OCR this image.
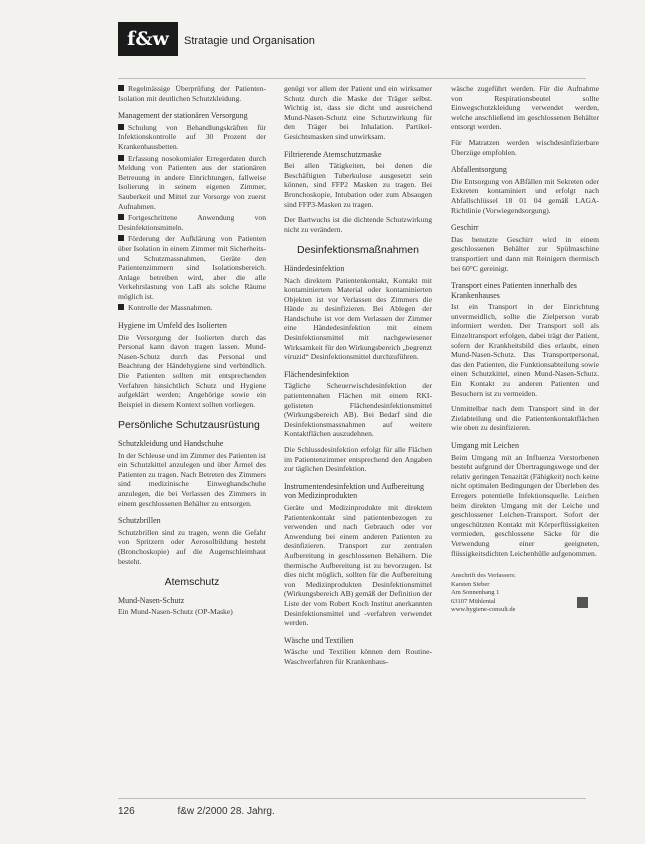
f&w	Stratagie und Organisation
Regelmässige Überprüfung der Patienten-Isolation mit deutlichen Schutzkleidung.
Management der stationären Versorgung
Schulung von Behandlungskräften für Infektionskontrolle auf 30 Prozent der Krankenhausbetten.
Erfassung nosokomialer Erregerdaten durch Meldung von Patienten aus der stationären Betreuung in andere Einrichtungen, fallweise Isolierung in seinem eigenen Zimmer, Sauberkeit und Mittel zur Vorsorge von zuerst Aufnahmen.
Fortgeschrittene Anwendung von Desinfektionsmitteln.
Förderung der Aufklärung von Patienten über Isolation in einem Zimmer mit Sicherheits- und Schutzmassnahmen, Geräte den Patientenzimmern sind Isolationsbereich. Anlage betreiben wird, aber die alle Verkehrslastung von LaB als solche Räume möglich ist.
Kontrolle der Massnahmen.
Hygiene im Umfeld des Isolierten

Die Versorgung der Isolierten durch das Personal kann davon tragen lassen. Mund-Nasen-Schutz durch das Personal und Beachtung der Händehygiene sind verbindlich. Die Patienten sollten mit entsprechenden Verfahren hinsichtlich Schutz und Hygiene aufgeklärt werden; Angehörige sowie ein Beispiel in diesem Kontext sollten vorliegen.

Persönliche Schutzausrüstung
Schutzkleidung und Handschuhe

In der Schleuse und im Zimmer des Patienten ist ein Schutzkittel anzulegen und über Ärmel des Patienten zu tragen. Nach Betreten des Zimmers sind medizinische Einweghandschuhe anzulegen, die bei Verlassen des Zimmers in einem geschlossenen Behälter zu entsorgen.

Schutzbrillen

Schutzbrillen sind zu tragen, wenn die Gefahr von Spritzern oder Aerosolbildung besteht (Bronchoskopie) auf die Augenschleimhaut besteht.

Atemschutz
Mund-Nasen-Schutz

Ein Mund-Nasen-Schutz (OP-Maske)

genügt vor allem der Patient und ein wirksamer Schutz durch die Maske der Träger selbst. Wichtig ist, dass sie dicht und ausreichend Mund-Nasen-Schutz eine Schutzwirkung für den Träger bei Inhalation. Partikel-Gesichtsmasken sind unwirksam.

Filtrierende Atemschutzmaske

Bei allen Tätigkeiten, bei denen die Beschäftigten Tuberkulose ausgesetzt sein können, sind FFP2 Masken zu tragen. Bei Bronchoskopie, Intubation oder zum Absaugen sind FFP3-Masken zu tragen.

Der Bartwuchs ist die dichtende Schutzwirkung nicht zu verändern.

Desinfektionsmaßnahmen
Händedesinfektion

Nach direktem Patientenkontakt, Kontakt mit kontaminiertem Material oder kontaminierten Objekten ist vor Verlassen des Zimmers die Hände zu desinfizieren. Bei Ablegen der Handschuhe ist vor dem Verlassen der Zimmer eine Händedesinfektion mit einem Desinfektionsmittel mit nachgewiesener Wirksamkeit für den Wirkungsbereich „begrenzt viruzid“ Desinfektionsmittel durchzuführen.

Flächendesinfektion

Tägliche Scheuerwischdesinfektion der patientennahen Flächen mit einem RKI-gelisteten Flächendesinfektionsmittel (Wirkungsbereich AB). Bei Bedarf sind die Desinfektionsmassnahmen auf weitere Kontaktflächen auszudehnen.

Die Schlussdesinfektion erfolgt für alle Flächen im Patientenzimmer entsprechend den Angaben zur täglichen Desinfektion.

Instrumentendesinfektion und Aufbereitung von Medizinprodukten

Geräte und Medizinprodukte mit direktem Patientenkontakt sind patientenbezogen zu verwenden und nach Gebrauch oder vor Anwendung bei einem anderen Patienten zu desinfizieren. Transport zur zentralen Aufbereitung in geschlossenen Behältern. Die thermische Aufbereitung ist zu bevorzugen. Ist dies nicht möglich, sollten für die Aufbereitung von Medizinprodukten Desinfektionsmittel (Wirkungsbereich AB) gemäß der Definition der Liste der vom Robert Koch Institut anerkannten Desinfektionsmittel und -verfahren verwendet werden.

Wäsche und Textilien

Wäsche und Textilien können dem Routine-Waschverfahren für Krankenhaus-

wäsche zugeführt werden. Für die Aufnahme von Respirationsbeutel sollte Einwegschutzkleidung verwendet werden, welche anschließend im geschlossenen Behälter entsorgt werden.

Für Matratzen werden wischdesinfizierbare Überzüge empfohlen.

Abfallentsorgung

Die Entsorgung von ABfällen mit Sekreten oder Exkreten kontaminiert und erfolgt nach Abfallschlüssel 18 01 04 gemäß LAGA-Richtlinie (Vorwiegendsorgung).

Geschirr

Das benutzte Geschirr wird in einem geschlossenen Behälter zur Spülmaschine transportiert und dann mit Reinigern thermisch bei 60°C gereinigt.

Transport eines Patienten innerhalb des Krankenhauses

Ist ein Transport in der Einrichtung unvermeidlich, sollte die Zielperson vorab informiert werden. Der Transport soll als Einzeltransport erfolgen, dabei trägt der Patient, sofern der Krankheitsbild dies erlaubt, einen Mund-Nasen-Schutz. Das Transportpersonal, das den Patienten, die Funktionsabteilung sowie einen Schutzkittel, einen Mund-Nasen-Schutz. Ein Kontakt zu anderen Patienten und Besuchern ist zu vermeiden.

Unmittelbar nach dem Transport sind in der Zielabteilung und die Patientenkontaktflächen wie oben zu desinfizieren.

Umgang mit Leichen

Beim Umgang mit an Influenza Verstorbenen besteht aufgrund der Übertragungswege und der relativ geringen Tenazität (Fähigkeit) noch keine nicht optimalen Bedingungen der Überleben des Erregers potentielle Infektionsquelle. Leichen beim direkten Umgang mit der Leiche und geschlossener Leichen-Transport. Sofort der ungeschützten Kontakt mit Körperflüssigkeiten vermieden, geschlossene Säcke für die Verwendung einer geeigneten, flüssigkeitsdichten Leichenhülle aufgenommen.

Anschrift des Verfassers:
Karsten Sieber
Am Sonnenhang 1
63107 Mühlental
www.hygiene-consult.de
126	f&w 2/2000 28. Jahrg.
